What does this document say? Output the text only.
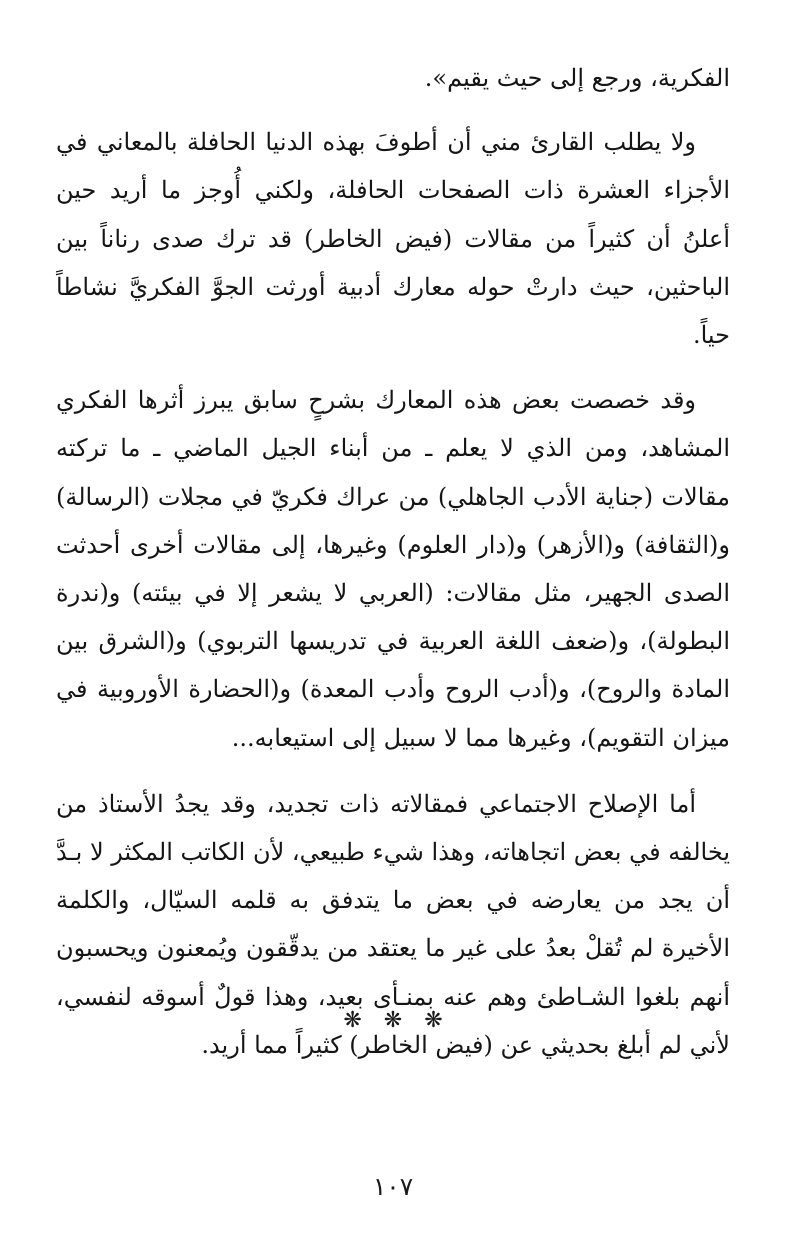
الفكرية، ورجع إلى حيث يقيم».

ولا يطلب القارئ مني أن أطوفَ بهذه الدنيا الحافلة بالمعاني في الأجزاء العشرة ذات الصفحات الحافلة، ولكني أُوجز ما أريد حين أعلنُ أن كثيراً من مقالات (فيض الخاطر) قد ترك صدى رناناً بين الباحثين، حيث دارتْ حوله معارك أدبية أورثت الجوَّ الفكريَّ نشاطاً حياً.

وقد خصصت بعض هذه المعارك بشرحٍ سابق يبرز أثرها الفكري المشاهد، ومن الذي لا يعلم ـ من أبناء الجيل الماضي ـ ما تركته مقالات (جناية الأدب الجاهلي) من عراك فكريّ في مجلات (الرسالة) و(الثقافة) و(الأزهر) و(دار العلوم) وغيرها، إلى مقالات أخرى أحدثت الصدى الجهير، مثل مقالات: (العربي لا يشعر إلا في بيئته) و(ندرة البطولة)، و(ضعف اللغة العربية في تدريسها التربوي) و(الشرق بين المادة والروح)، و(أدب الروح وأدب المعدة) و(الحضارة الأوروبية في ميزان التقويم)، وغيرها مما لا سبيل إلى استيعابه...

أما الإصلاح الاجتماعي فمقالاته ذات تجديد، وقد يجدُ الأستاذ من يخالفه في بعض اتجاهاته، وهذا شيء طبيعي، لأن الكاتب المكثر لا بـدَّ أن يجد من يعارضه في بعض ما يتدفق به قلمه السيّال، والكلمة الأخيرة لم تُقلْ بعدُ على غير ما يعتقد من يدقّقون ويُمعنون ويحسبون أنهم بلغوا الشـاطئ وهم عنه بمنـأى بعيد، وهذا قولٌ أسوقه لنفسي، لأني لم أبلغ بحديثي عن (فيض الخاطر) كثيراً مما أريد.

❋❋❋
١٠٧
